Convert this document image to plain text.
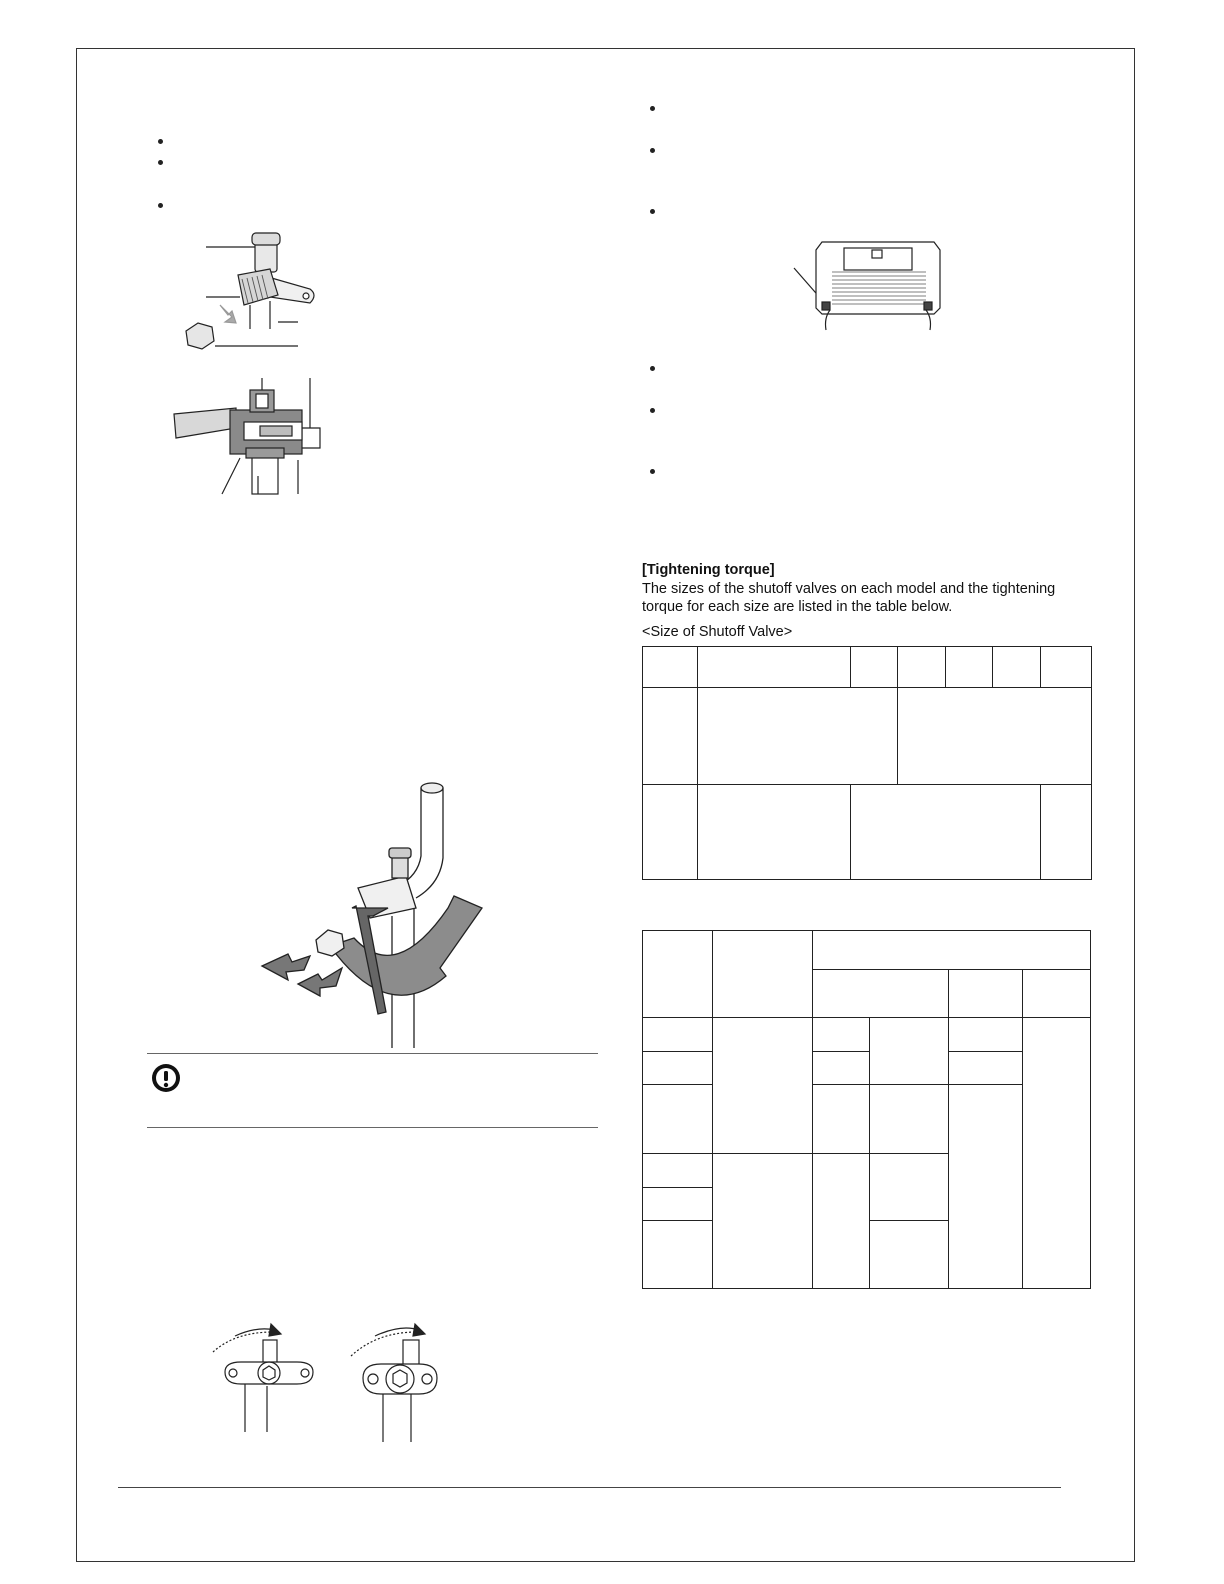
[Tightening torque]

The sizes of the shutoff valves on each model and the tightening torque for each size are listed in the table below.

<Size of Shutoff Valve>
